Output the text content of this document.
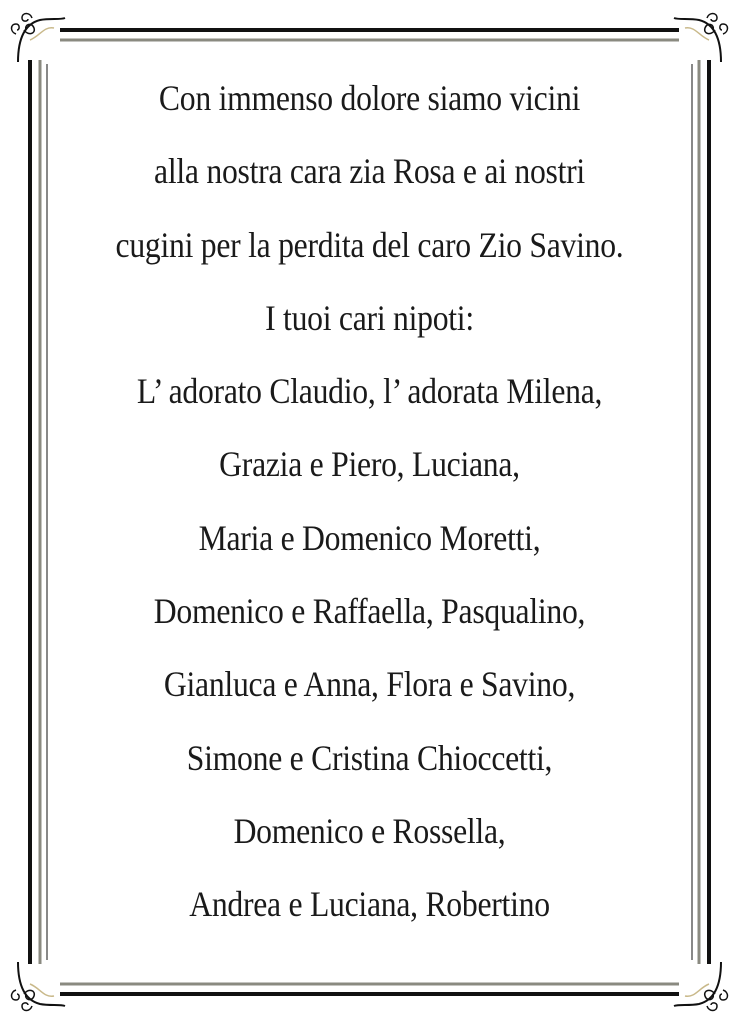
Con immenso dolore siamo vicini
alla nostra cara zia Rosa e ai nostri
cugini per la perdita del caro Zio Savino.
I tuoi cari nipoti:
L’ adorato Claudio, l’ adorata Milena,
Grazia e Piero, Luciana,
Maria e Domenico Moretti,
Domenico e Raffaella, Pasqualino,
Gianluca e Anna, Flora e Savino,
Simone e Cristina Chioccetti,
Domenico e Rossella,
Andrea e Luciana, Robertino
